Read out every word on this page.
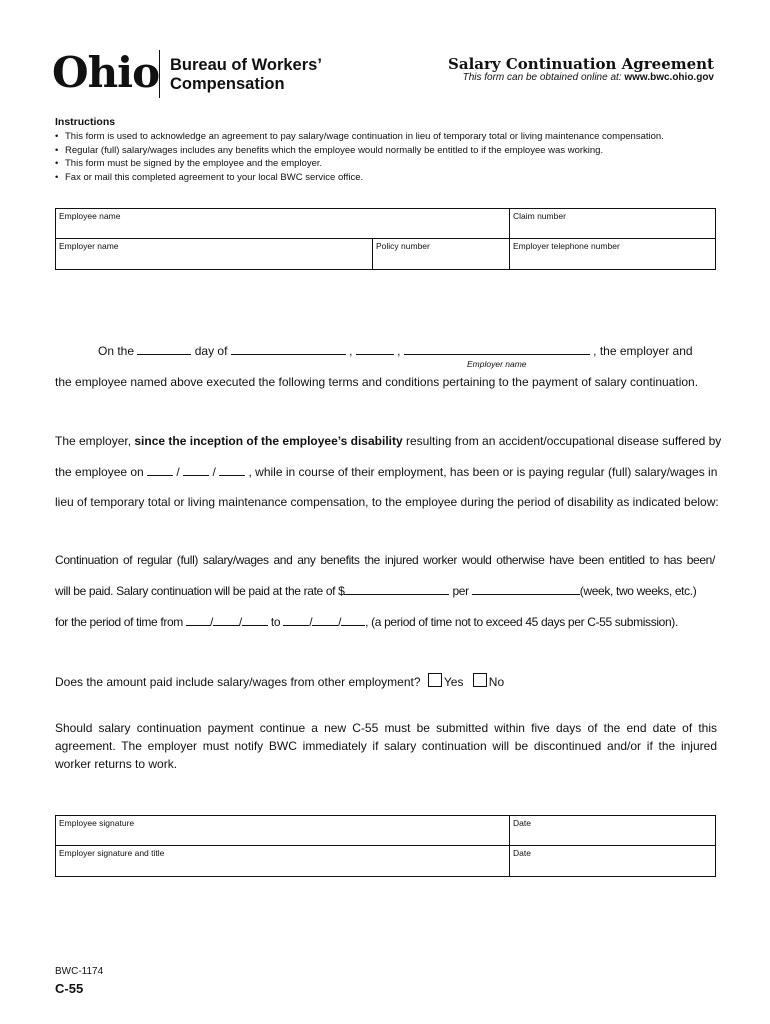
Ohio Bureau of Workers’
Compensation
Salary Continuation Agreement
This form can be obtained online at: www.bwc.ohio.gov
Instructions
• This form is used to acknowledge an agreement to pay salary/wage continuation in lieu of temporary total or living maintenance compensation.
• Regular (full) salary/wages includes any benefits which the employee would normally be entitled to if the employee was working.
• This form must be signed by the employee and the employer.
• Fax or mail this completed agreement to your local BWC service office.
Employee name	Claim number
Employer name	Policy number	Employer telephone number
On the	day of	,	,	, the employer and
Employer name
the employee named above executed the following terms and conditions pertaining to the payment of salary continuation.
The employer, since the inception of the employee’s disability resulting from an accident/occupational disease suffered by
the employee on	/	/	, while in course of their employment, has been or is paying regular (full) salary/wages in
lieu of temporary total or living maintenance compensation, to the employee during the period of disability as indicated below:
Continuation of regular (full) salary/wages and any benefits the injured worker would otherwise have been entitled to has been/
will be paid. Salary continuation will be paid at the rate of $	per	(week, two weeks, etc.)
for the period of time from / / to / / , (a period of time not to exceed 45 days per C-55 submission).
Does the amount paid include salary/wages from other employment? Yes No
Should salary continuation payment continue a new C-55 must be submitted within five days of the end date of this agreement. The employer must notify BWC immediately if salary continuation will be discontinued and/or if the injured worker returns to work.
Employee signature	Date
Employer signature and title	Date
BWC-1174
C-55
